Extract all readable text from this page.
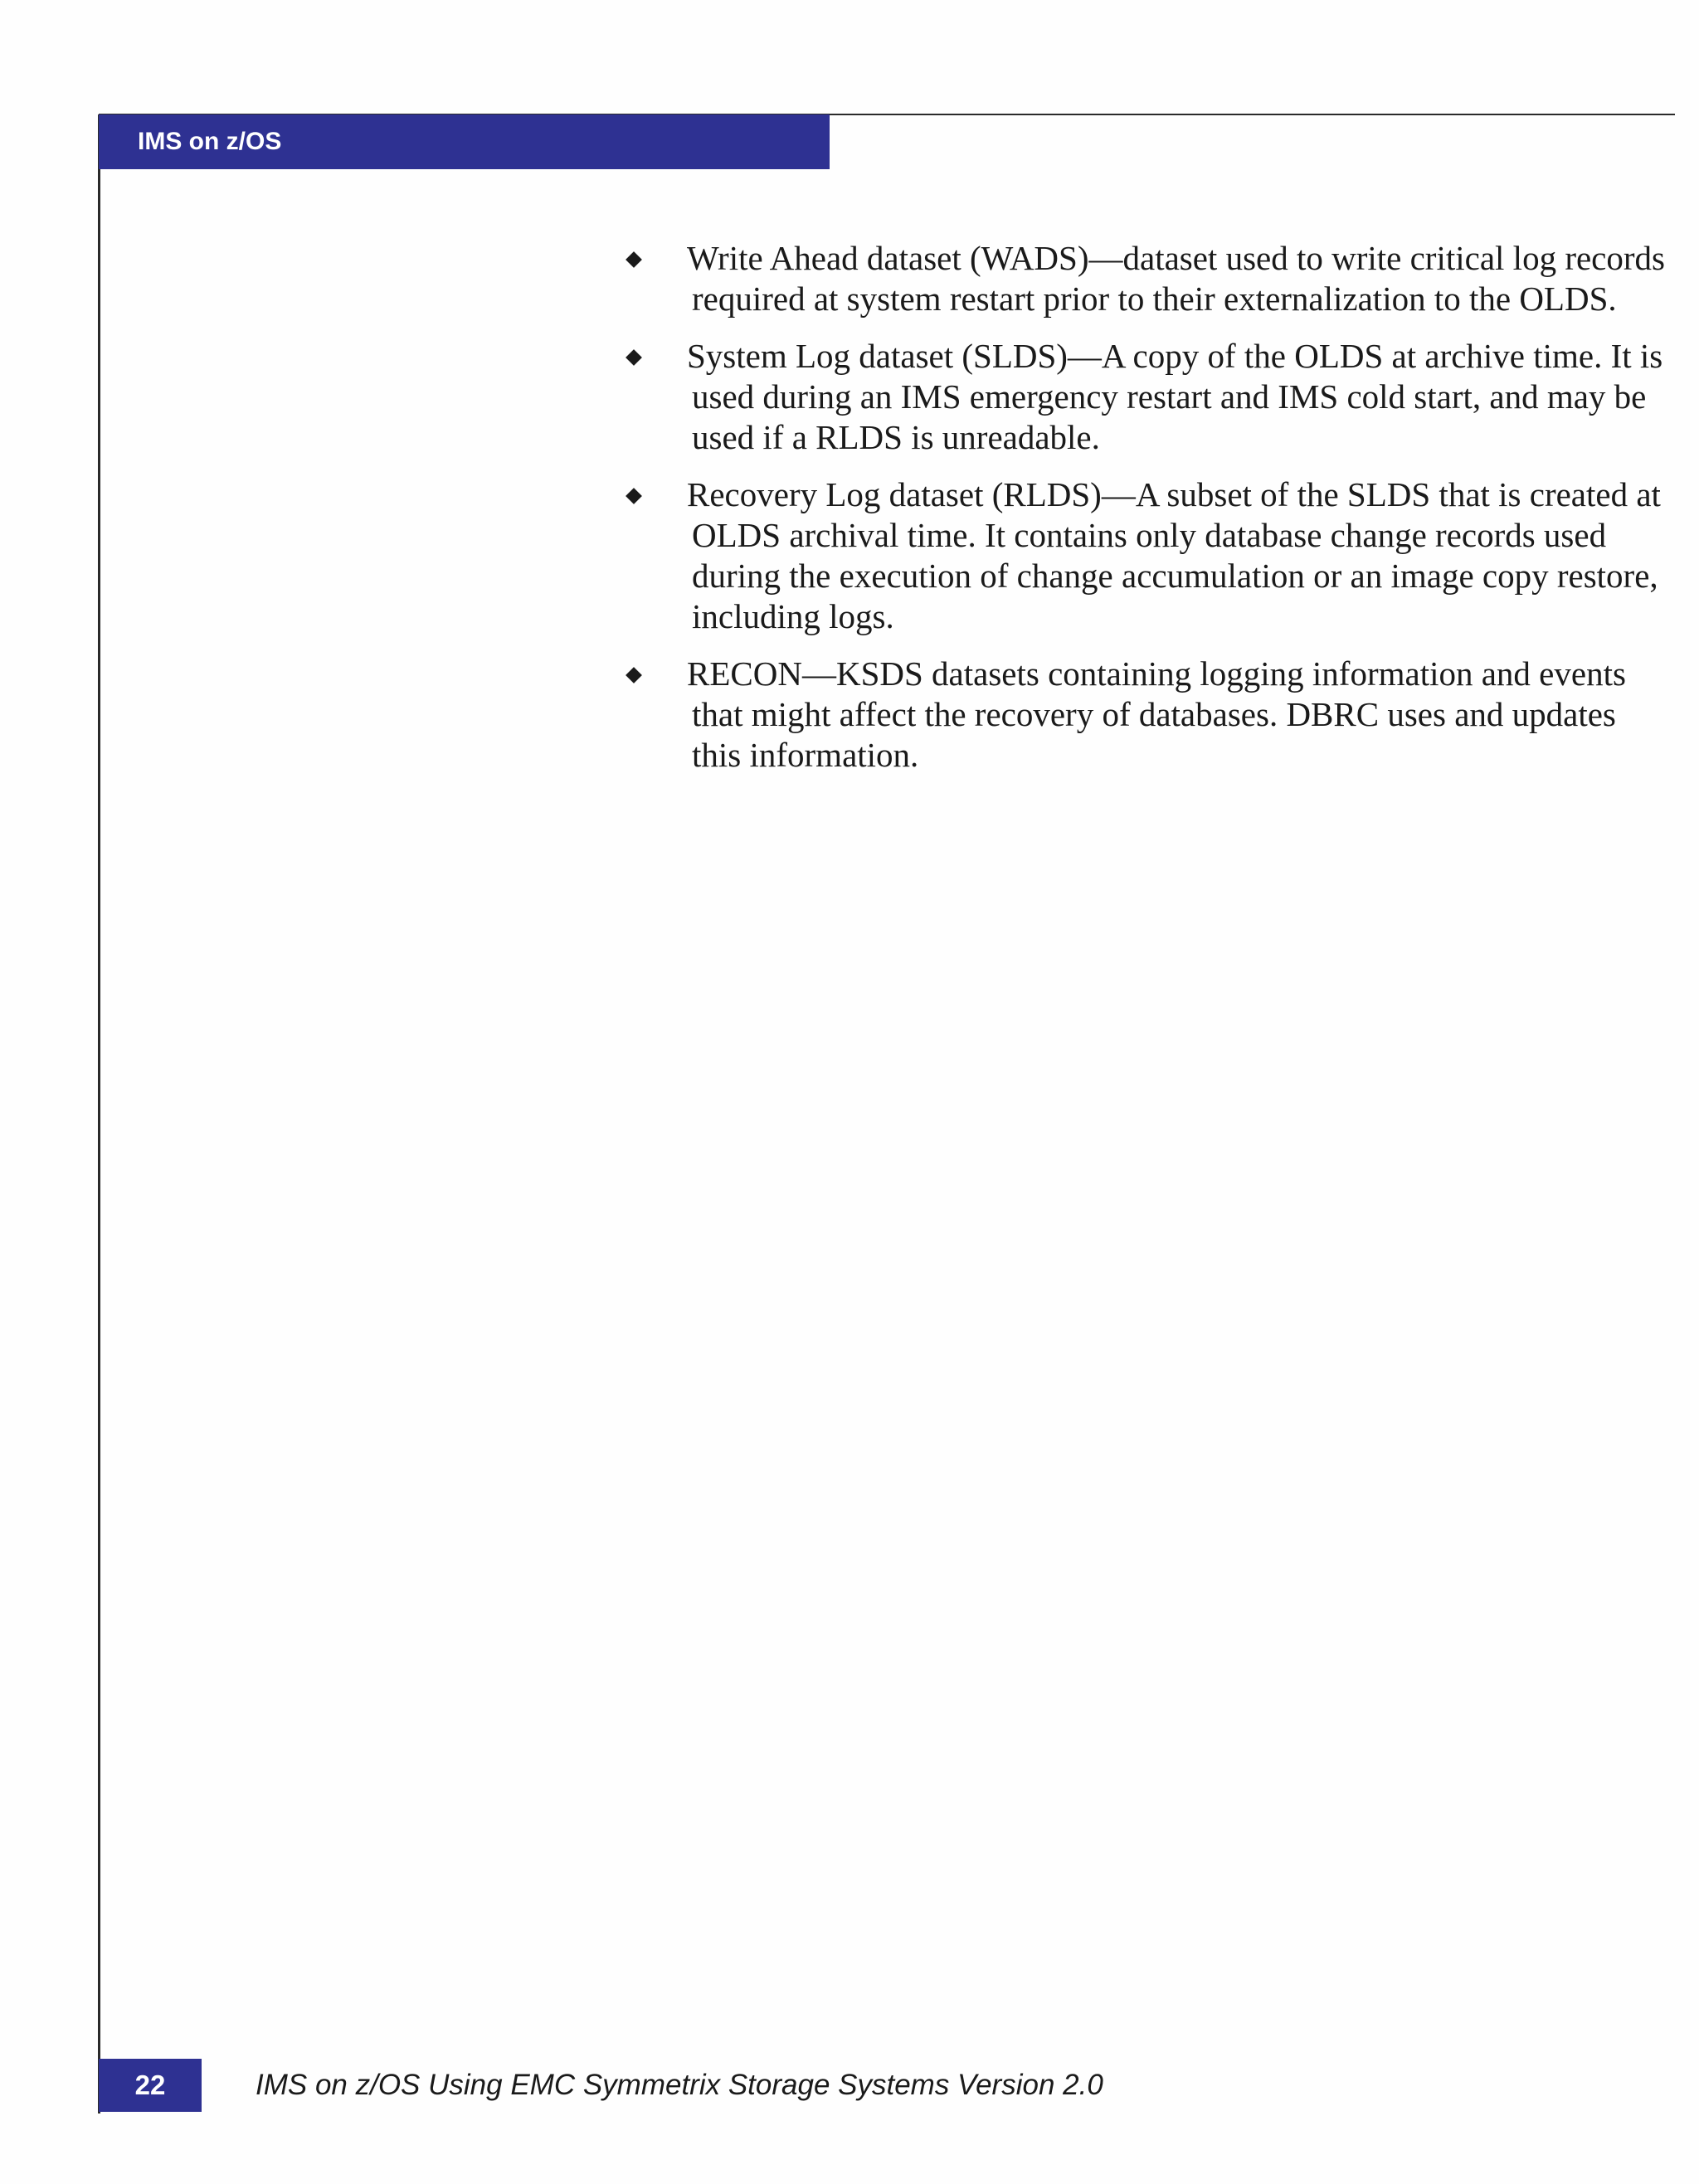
IMS on z/OS
Write Ahead dataset (WADS)—dataset used to write critical log records required at system restart prior to their externalization to the OLDS.
System Log dataset (SLDS)—A copy of the OLDS at archive time. It is used during an IMS emergency restart and IMS cold start, and may be used if a RLDS is unreadable.
Recovery Log dataset (RLDS)—A subset of the SLDS that is created at OLDS archival time. It contains only database change records used during the execution of change accumulation or an image copy restore, including logs.
RECON—KSDS datasets containing logging information and events that might affect the recovery of databases. DBRC uses and updates this information.
22	IMS on z/OS Using EMC Symmetrix Storage Systems Version 2.0
